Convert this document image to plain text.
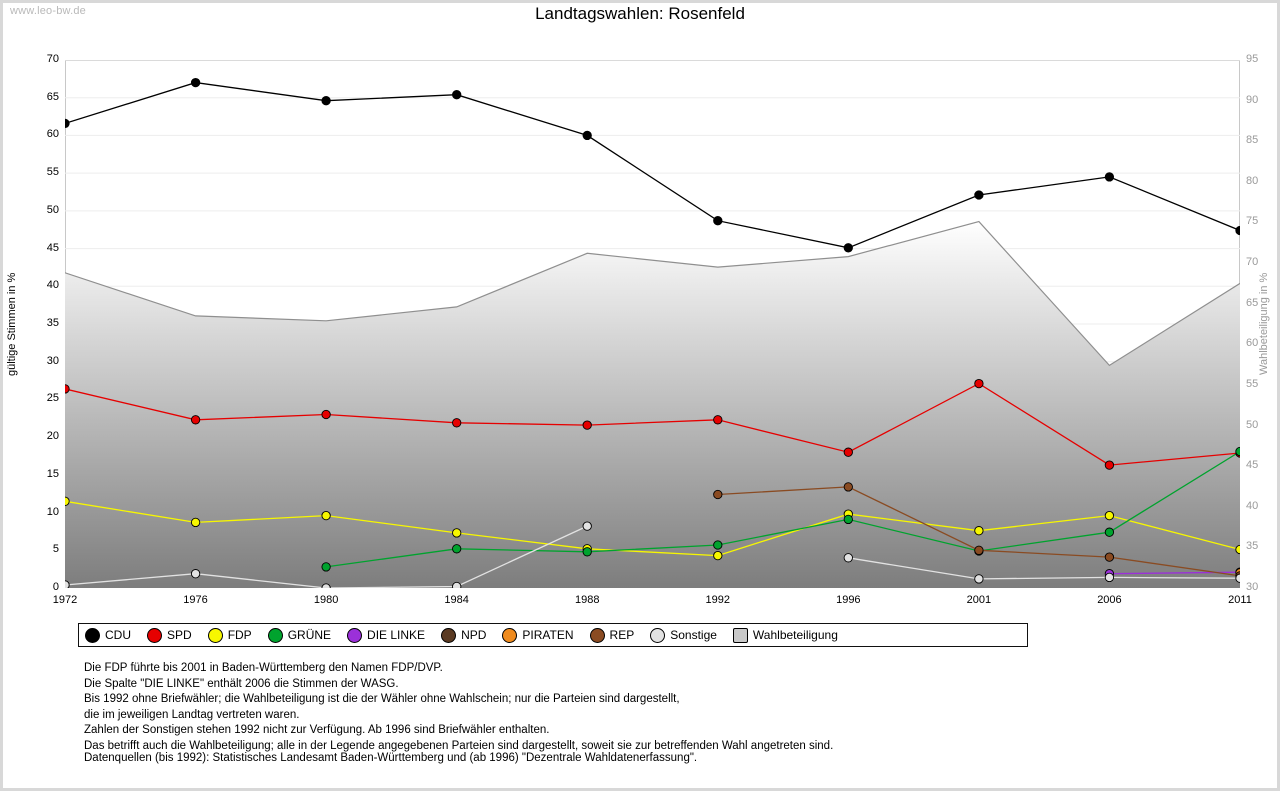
www.leo-bw.de	Landtagswahlen: Rosenfeld
gültige Stimmen in %	Wahlbeteiligung in %
0
5
10
15
20
25
30
35
40
45
50
55
60
65
70
30
35
40
45
50
55
60
65
70
75
80
85
90
95
1972	1976	1980	1984	1988	1992	1996	2001	2006	2011
CDU	SPD	FDP	GRÜNE	DIE LINKE	NPD	PIRATEN	REP	Sonstige	Wahlbeteiligung
Die FDP führte bis 2001 in Baden-Württemberg den Namen FDP/DVP.
Die Spalte "DIE LINKE" enthält 2006 die Stimmen der WASG.
Bis 1992 ohne Briefwähler; die Wahlbeteiligung ist die der Wähler ohne Wahlschein; nur die Parteien sind dargestellt,
die im jeweiligen Landtag vertreten waren.
Zahlen der Sonstigen stehen 1992 nicht zur Verfügung. Ab 1996 sind Briefwähler enthalten.
Das betrifft auch die Wahlbeteiligung; alle in der Legende angegebenen Parteien sind dargestellt, soweit sie zur betreffenden Wahl angetreten sind.
Datenquellen (bis 1992): Statistisches Landesamt Baden-Württemberg und (ab 1996) "Dezentrale Wahldatenerfassung".
